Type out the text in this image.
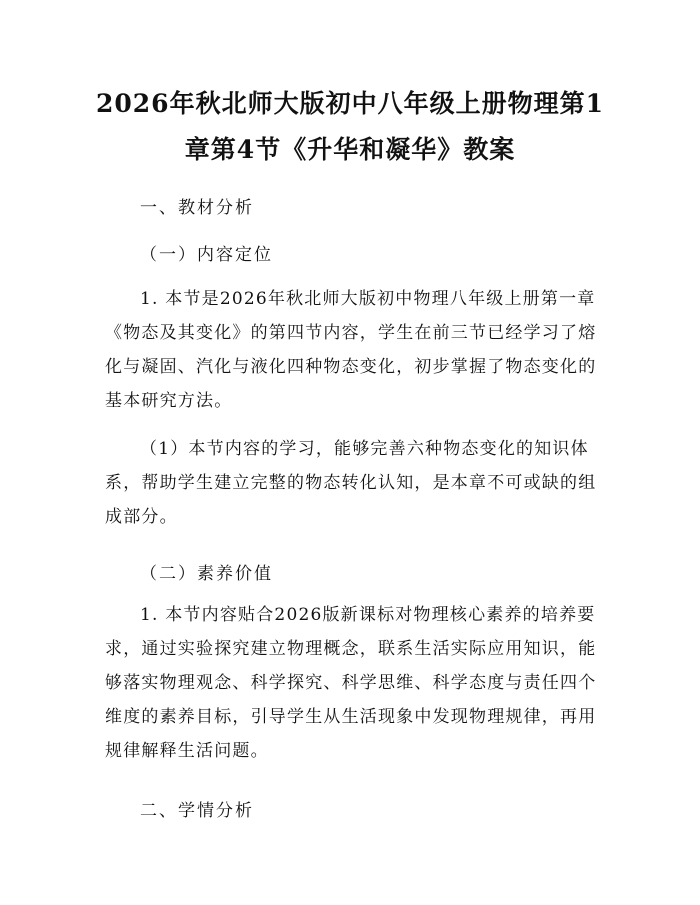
2026年秋北师大版初中八年级上册物理第1
章第4节《升华和凝华》教案

一、教材分析

（一）内容定位

1. 本节是2026年秋北师大版初中物理八年级上册第一章
《物态及其变化》的第四节内容，学生在前三节已经学习了熔
化与凝固、汽化与液化四种物态变化，初步掌握了物态变化的
基本研究方法。

（1）本节内容的学习，能够完善六种物态变化的知识体
系，帮助学生建立完整的物态转化认知，是本章不可或缺的组
成部分。

（二）素养价值

1. 本节内容贴合2026版新课标对物理核心素养的培养要
求，通过实验探究建立物理概念，联系生活实际应用知识，能
够落实物理观念、科学探究、科学思维、科学态度与责任四个
维度的素养目标，引导学生从生活现象中发现物理规律，再用
规律解释生活问题。

二、学情分析
